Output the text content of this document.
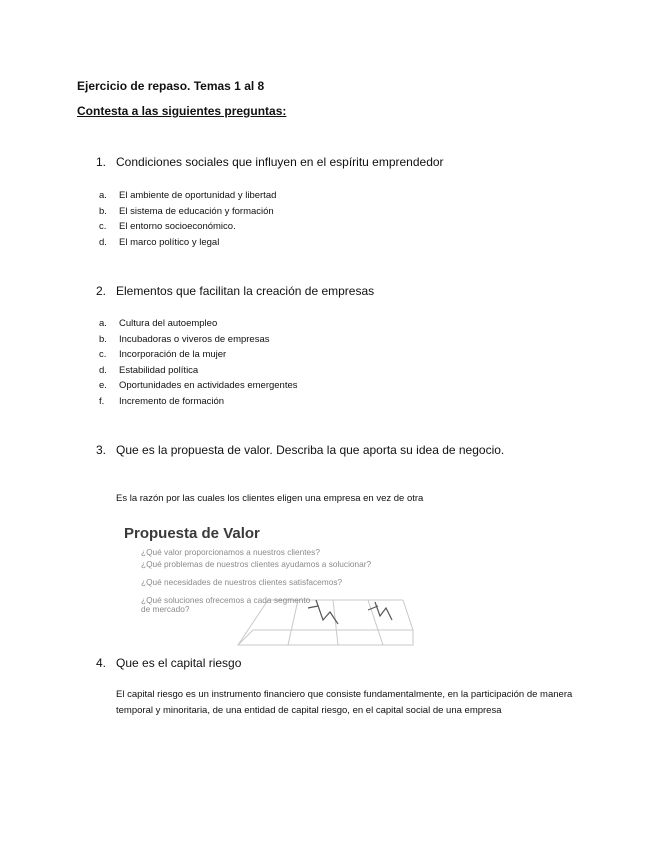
Ejercicio de repaso. Temas 1 al 8
Contesta a las siguientes preguntas:
1. Condiciones sociales que influyen en el espíritu emprendedor
a. El ambiente de oportunidad y libertad
b. El sistema de educación y formación
c. El entorno socioeconómico.
d. El marco político y legal
2. Elementos que facilitan la creación de empresas
a. Cultura del autoempleo
b. Incubadoras o viveros de empresas
c. Incorporación de la mujer
d. Estabilidad política
e. Oportunidades en actividades emergentes
f. Incremento de formación
3. Que es la propuesta de valor. Describa la que aporta su idea de negocio.
Es la razón por las cuales los clientes eligen una empresa en vez de otra
Propuesta de Valor
¿Qué valor proporcionamos a nuestros clientes?
¿Qué problemas de nuestros clientes ayudamos a solucionar?
¿Qué necesidades de nuestros clientes satisfacemos?
¿Qué soluciones ofrecemos a cada segmento de mercado?
4. Que es el capital riesgo
El capital riesgo es un instrumento financiero que consiste fundamentalmente, en la participación de manera temporal y minoritaria, de una entidad de capital riesgo, en el capital social de una empresa
